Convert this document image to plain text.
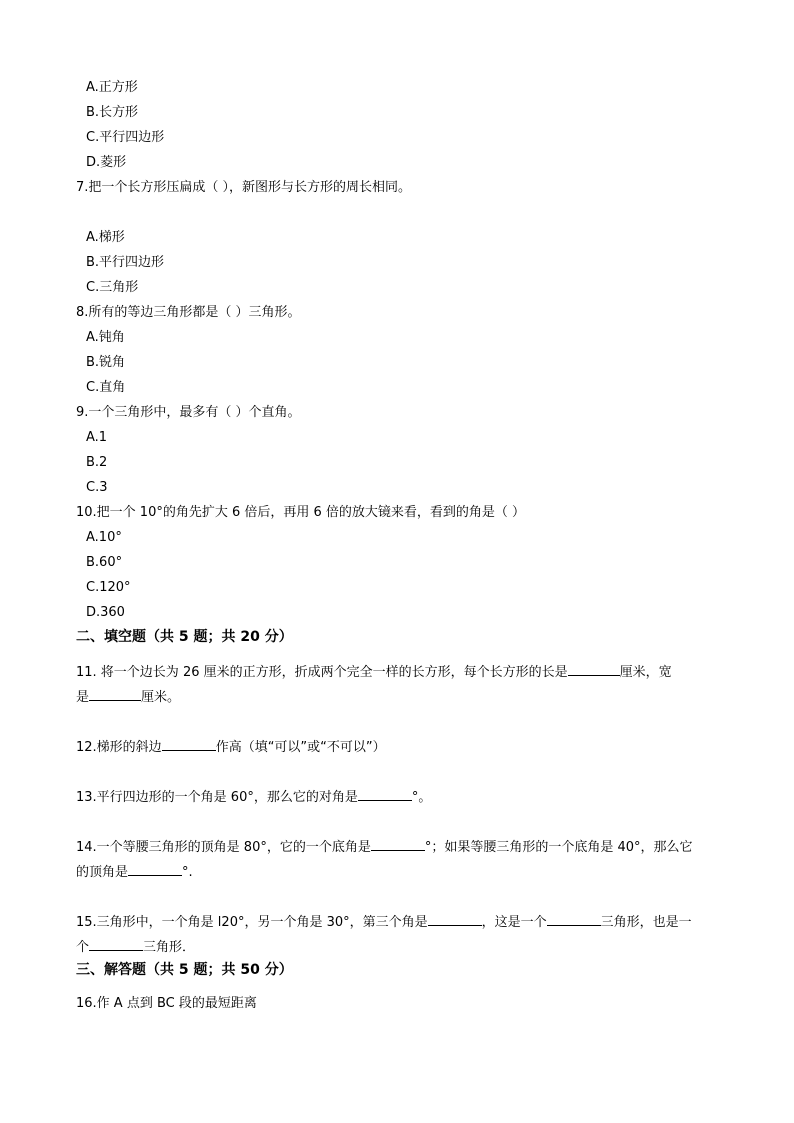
A.正方形
B.长方形
C.平行四边形
D.菱形
7.把一个长方形压扁成（ ），新图形与长方形的周长相同。
A.梯形
B.平行四边形
C.三角形
8.所有的等边三角形都是（ ）三角形。
A.钝角
B.锐角
C.直角
9.一个三角形中，最多有（ ）个直角。
A.1
B.2
C.3
10.把一个 10°的角先扩大 6 倍后，再用 6 倍的放大镜来看，看到的角是（ ）
A.10°
B.60°
C.120°
D.360
二、填空题（共 5 题；共 20 分）
11. 将一个边长为 26 厘米的正方形，折成两个完全一样的长方形，每个长方形的长是	厘米，宽
是	厘米。
12.梯形的斜边	作高（填“可以”或“不可以”）
13.平行四边形的一个角是 60°，那么它的对角是	°。
14.一个等腰三角形的顶角是 80°，它的一个底角是	°；如果等腰三角形的一个底角是 40°，那么它
的顶角是	°.
15.三角形中，一个角是 l20°，另一个角是 30°，第三个角是	，这是一个	三角形，也是一
个	三角形．
三、解答题（共 5 题；共 50 分）
16.作 A 点到 BC 段的最短距离
